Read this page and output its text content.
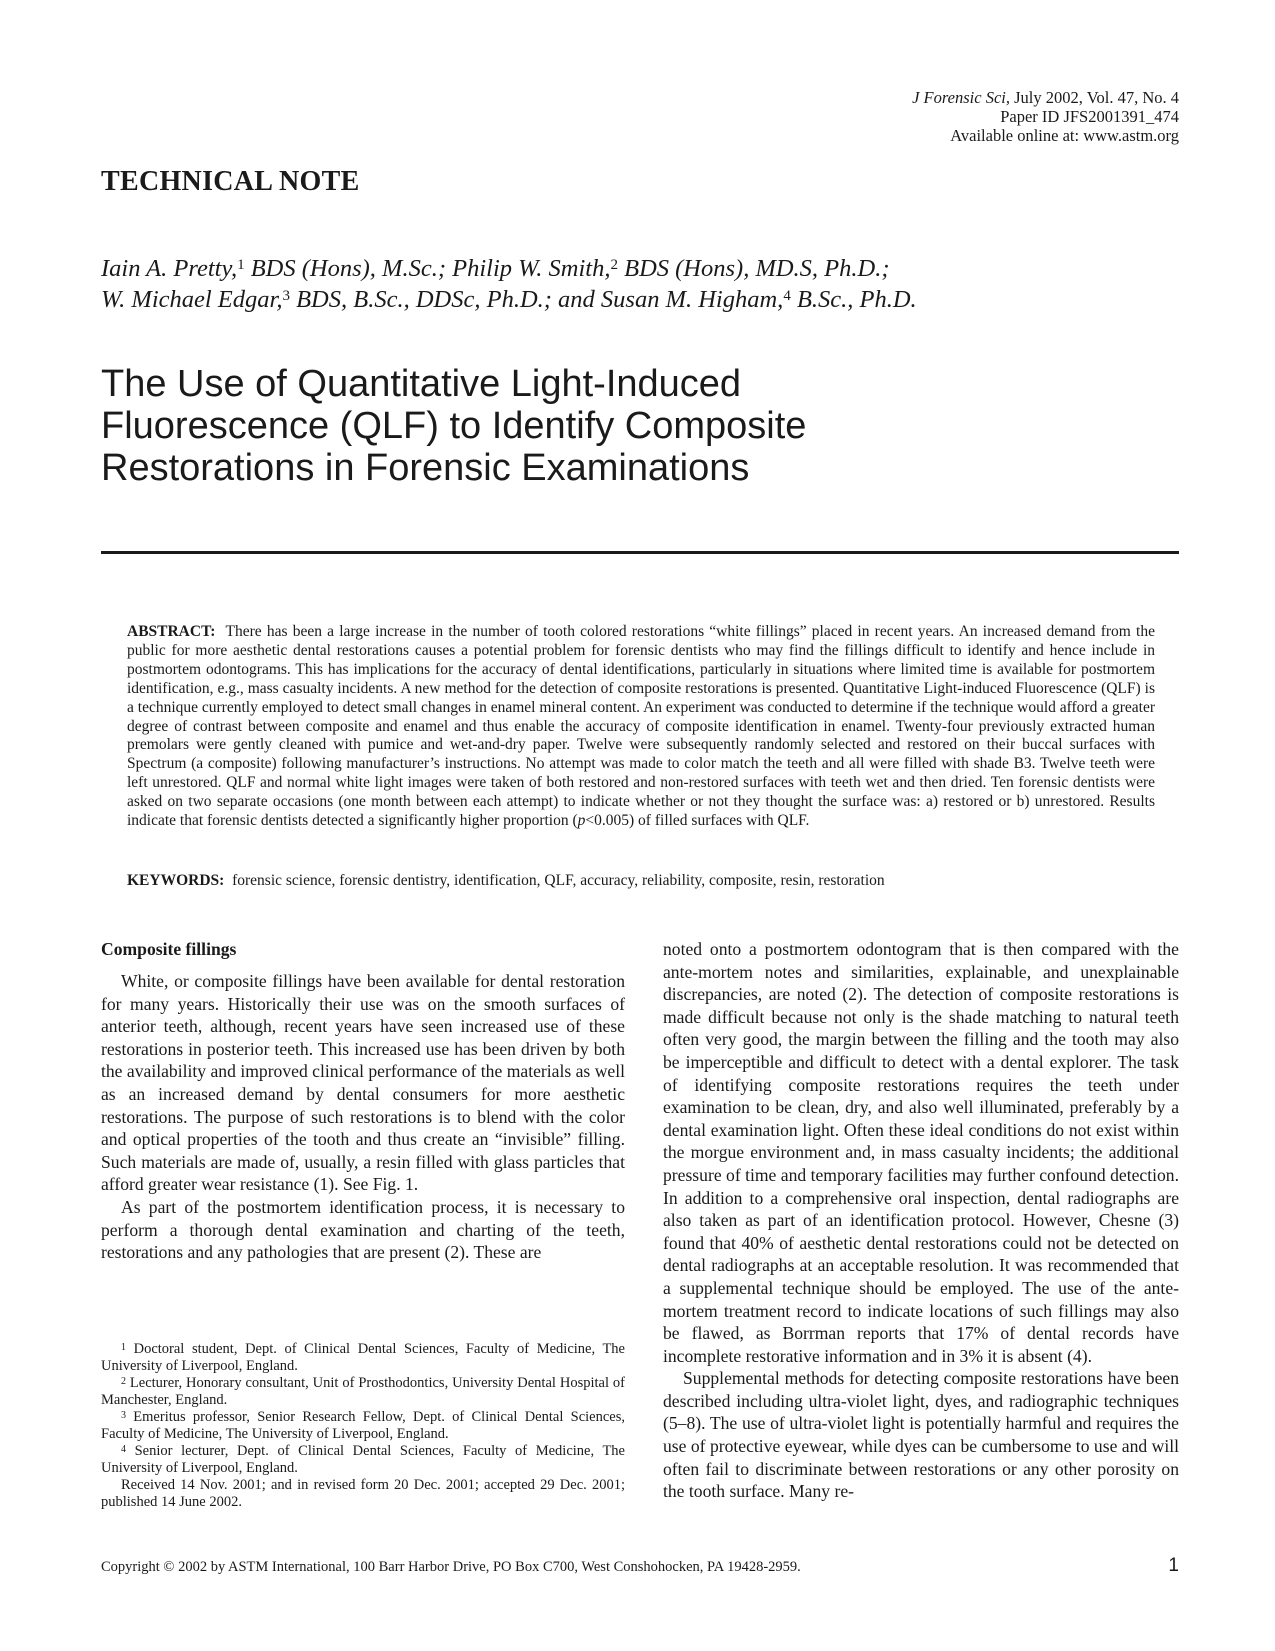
J Forensic Sci, July 2002, Vol. 47, No. 4
Paper ID JFS2001391_474
Available online at: www.astm.org
TECHNICAL NOTE
Iain A. Pretty,$^1$ BDS (Hons), M.Sc.; Philip W. Smith,$^2$ BDS (Hons), MD.S, Ph.D.;
W. Michael Edgar,$^3$ BDS, B.Sc., DDSc, Ph.D.; and Susan M. Higham,$^4$ B.Sc., Ph.D.
The Use of Quantitative Light-Induced
Fluorescence (QLF) to Identify Composite
Restorations in Forensic Examinations
ABSTRACT: There has been a large increase in the number of tooth colored restorations “white fillings” placed in recent years. An increased demand from the public for more aesthetic dental restorations causes a potential problem for forensic dentists who may find the fillings difficult to identify and hence include in postmortem odontograms. This has implications for the accuracy of dental identifications, particularly in situations where limited time is available for postmortem identification, e.g., mass casualty incidents. A new method for the detection of composite restorations is presented. Quantitative Light-induced Fluorescence (QLF) is a technique currently employed to detect small changes in enamel mineral content. An experiment was conducted to determine if the technique would afford a greater degree of contrast between composite and enamel and thus enable the accuracy of composite identification in enamel. Twenty-four previously extracted human premolars were gently cleaned with pumice and wet-and-dry paper. Twelve were subsequently randomly selected and restored on their buccal surfaces with Spectrum (a composite) following manufacturer’s instructions. No attempt was made to color match the teeth and all were filled with shade B3. Twelve teeth were left unrestored. QLF and normal white light images were taken of both restored and non-restored surfaces with teeth wet and then dried. Ten forensic dentists were asked on two separate occasions (one month between each attempt) to indicate whether or not they thought the surface was: a) restored or b) unrestored. Results indicate that forensic dentists detected a significantly higher proportion (p<0.005) of filled surfaces with QLF.
KEYWORDS: forensic science, forensic dentistry, identification, QLF, accuracy, reliability, composite, resin, restoration
Composite fillings

White, or composite fillings have been available for dental restoration for many years. Historically their use was on the smooth surfaces of anterior teeth, although, recent years have seen increased use of these restorations in posterior teeth. This increased use has been driven by both the availability and improved clinical performance of the materials as well as an increased demand by dental consumers for more aesthetic restorations. The purpose of such restorations is to blend with the color and optical properties of the tooth and thus create an “invisible” filling. Such materials are made of, usually, a resin filled with glass particles that afford greater wear resistance (1). See Fig. 1.

As part of the postmortem identification process, it is necessary to perform a thorough dental examination and charting of the teeth, restorations and any pathologies that are present (2). These are

noted onto a postmortem odontogram that is then compared with the ante-mortem notes and similarities, explainable, and unexplainable discrepancies, are noted (2). The detection of composite restorations is made difficult because not only is the shade matching to natural teeth often very good, the margin between the filling and the tooth may also be imperceptible and difficult to detect with a dental explorer. The task of identifying composite restorations requires the teeth under examination to be clean, dry, and also well illuminated, preferably by a dental examination light. Often these ideal conditions do not exist within the morgue environment and, in mass casualty incidents; the additional pressure of time and temporary facilities may further confound detection. In addition to a comprehensive oral inspection, dental radiographs are also taken as part of an identification protocol. However, Chesne (3) found that 40% of aesthetic dental restorations could not be detected on dental radiographs at an acceptable resolution. It was recommended that a supplemental technique should be employed. The use of the ante-mortem treatment record to indicate locations of such fillings may also be flawed, as Borrman reports that 17% of dental records have incomplete restorative information and in 3% it is absent (4).

Supplemental methods for detecting composite restorations have been described including ultra-violet light, dyes, and radiographic techniques (5–8). The use of ultra-violet light is potentially harmful and requires the use of protective eyewear, while dyes can be cumbersome to use and will often fail to discriminate between restorations or any other porosity on the tooth surface. Many re-

$^1$ Doctoral student, Dept. of Clinical Dental Sciences, Faculty of Medicine, The University of Liverpool, England.

$^2$ Lecturer, Honorary consultant, Unit of Prosthodontics, University Dental Hospital of Manchester, England.

$^3$ Emeritus professor, Senior Research Fellow, Dept. of Clinical Dental Sciences, Faculty of Medicine, The University of Liverpool, England.

$^4$ Senior lecturer, Dept. of Clinical Dental Sciences, Faculty of Medicine, The University of Liverpool, England.

Received 14 Nov. 2001; and in revised form 20 Dec. 2001; accepted 29 Dec. 2001; published 14 June 2002.

Copyright © 2002 by ASTM International, 100 Barr Harbor Drive, PO Box C700, West Conshohocken, PA 19428-2959.	1
